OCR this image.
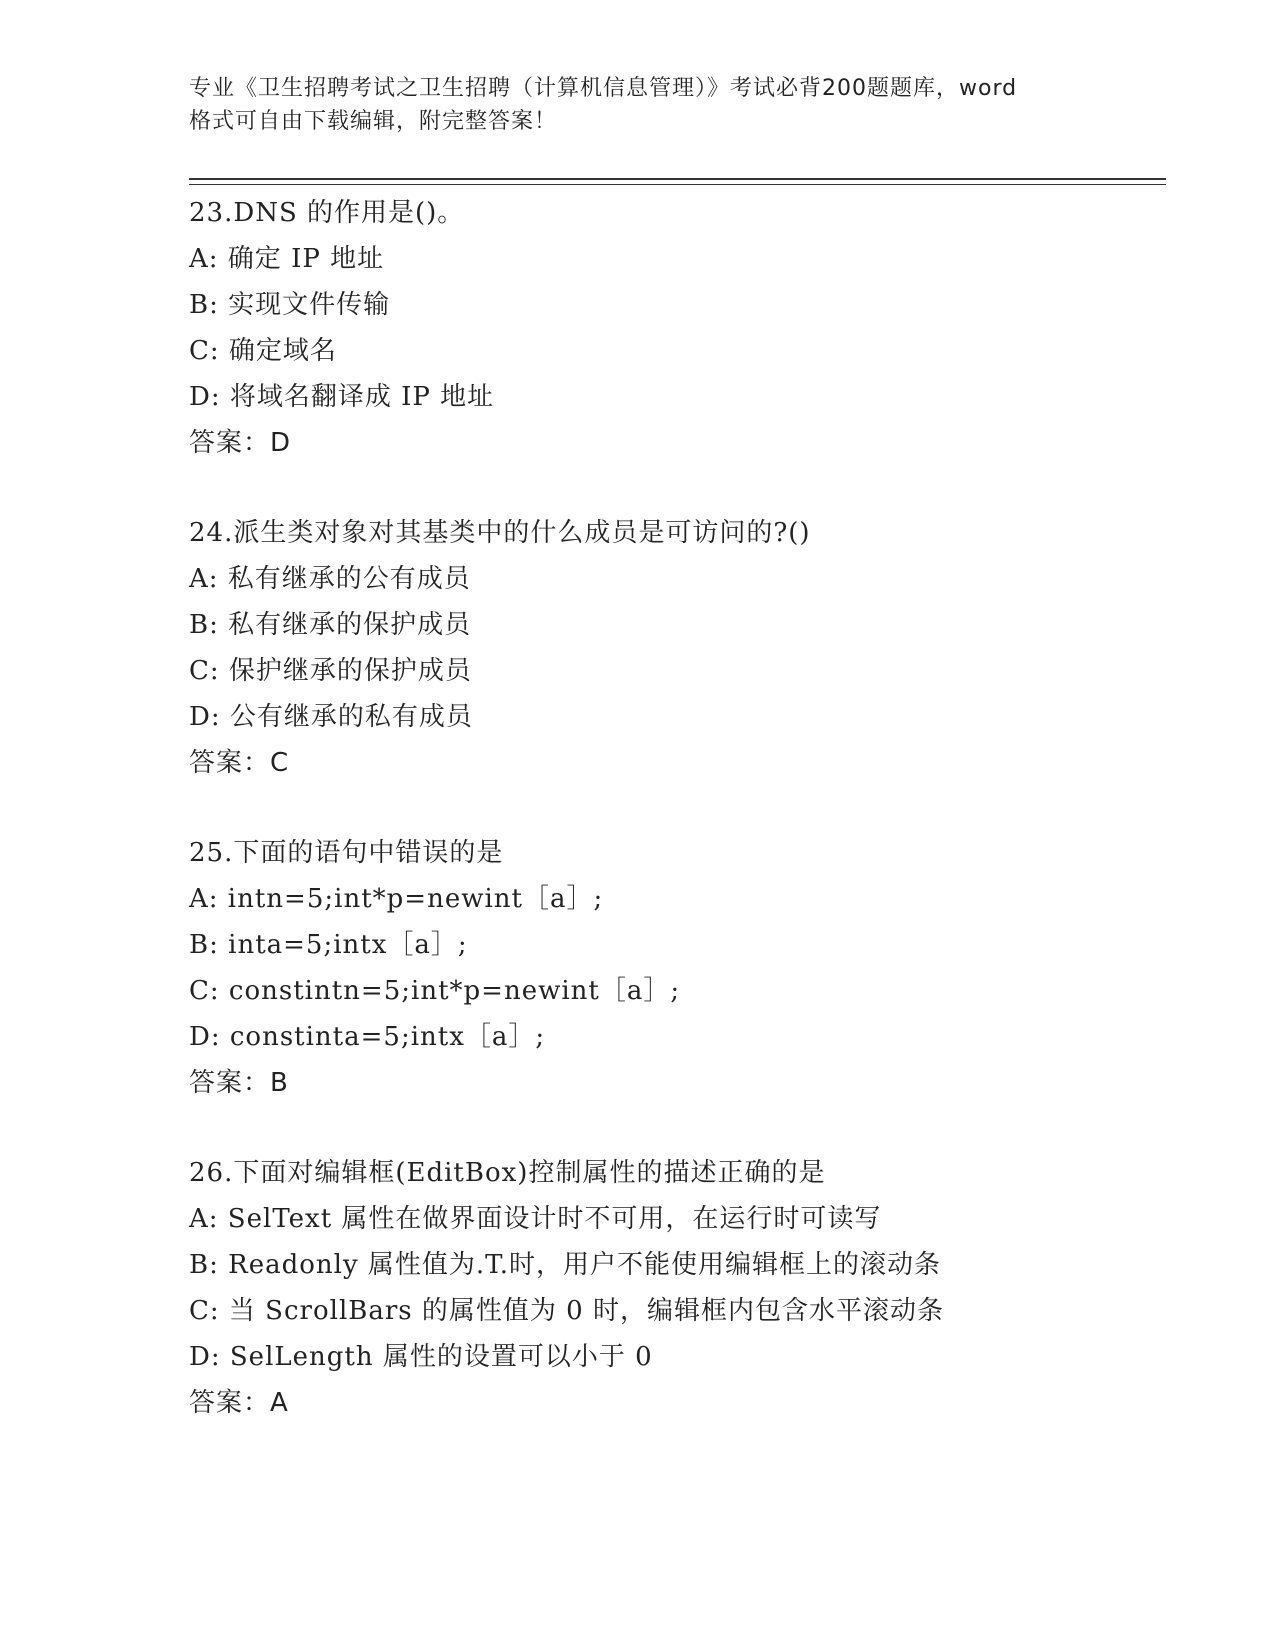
专业《卫生招聘考试之卫生招聘（计算机信息管理）》考试必背200题题库，word
格式可自由下载编辑，附完整答案！
23.DNS 的作用是()。
A: 确定 IP 地址
B: 实现文件传输
C: 确定域名
D: 将域名翻译成 IP 地址
答案：D
24.派生类对象对其基类中的什么成员是可访问的?()
A: 私有继承的公有成员
B: 私有继承的保护成员
C: 保护继承的保护成员
D: 公有继承的私有成员
答案：C
25.下面的语句中错误的是
A: intn=5;int*p=newint［a］;
B: inta=5;intx［a］;
C: constintn=5;int*p=newint［a］;
D: constinta=5;intx［a］;
答案：B
26.下面对编辑框(EditBox)控制属性的描述正确的是
A: SelText 属性在做界面设计时不可用，在运行时可读写
B: Readonly 属性值为.T.时，用户不能使用编辑框上的滚动条
C: 当 ScrollBars 的属性值为 0 时，编辑框内包含水平滚动条
D: SelLength 属性的设置可以小于 0
答案：A
